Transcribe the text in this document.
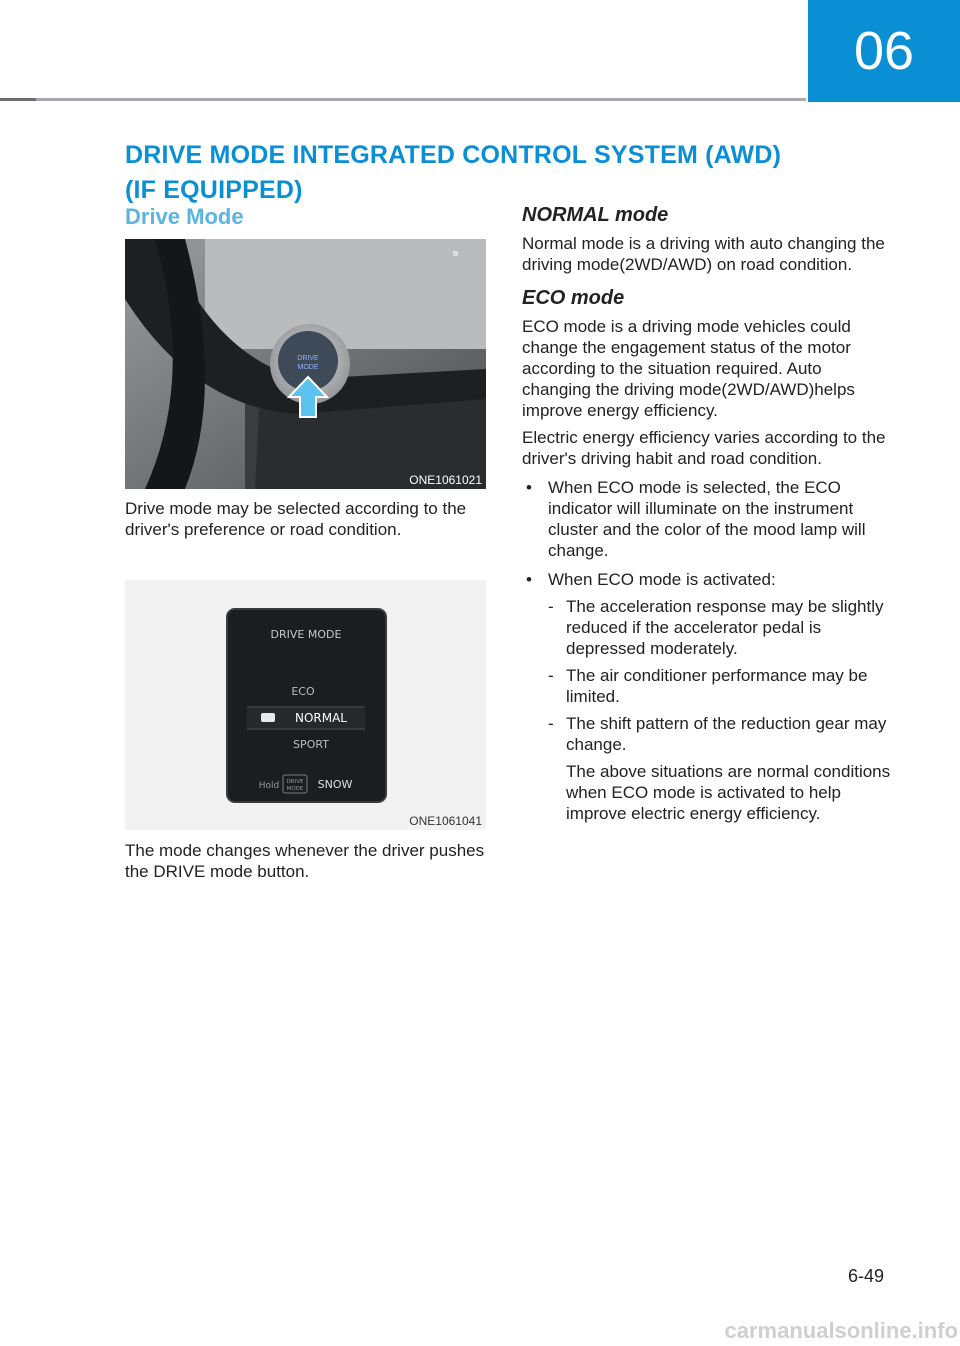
06
DRIVE MODE INTEGRATED CONTROL SYSTEM (AWD)
(IF EQUIPPED)
Drive Mode
DRIVE
MODE
ONE1061021

Drive mode may be selected according to the driver's preference or road condition.

DRIVE MODE
ECO
NORMAL
SPORT
Hold DRIVE
MODE SNOW
ONE1061041

The mode changes whenever the driver pushes the DRIVE mode button.

NORMAL mode

Normal mode is a driving with auto changing the driving mode(2WD/AWD) on road condition.

ECO mode

ECO mode is a driving mode vehicles could change the engagement status of the motor according to the situation required. Auto changing the driving mode(2WD/AWD)helps improve energy efficiency.

Electric energy efficiency varies according to the driver's driving habit and road condition.

• When ECO mode is selected, the ECO indicator will illuminate on the instrument cluster and the color of the mood lamp will change.
• When ECO mode is activated:
- The acceleration response may be slightly reduced if the accelerator pedal is depressed moderately.
- The air conditioner performance may be limited.
- The shift pattern of the reduction gear may change.

The above situations are normal conditions when ECO mode is activated to help improve electric energy efficiency.

6-49
carmanualsonline.info
